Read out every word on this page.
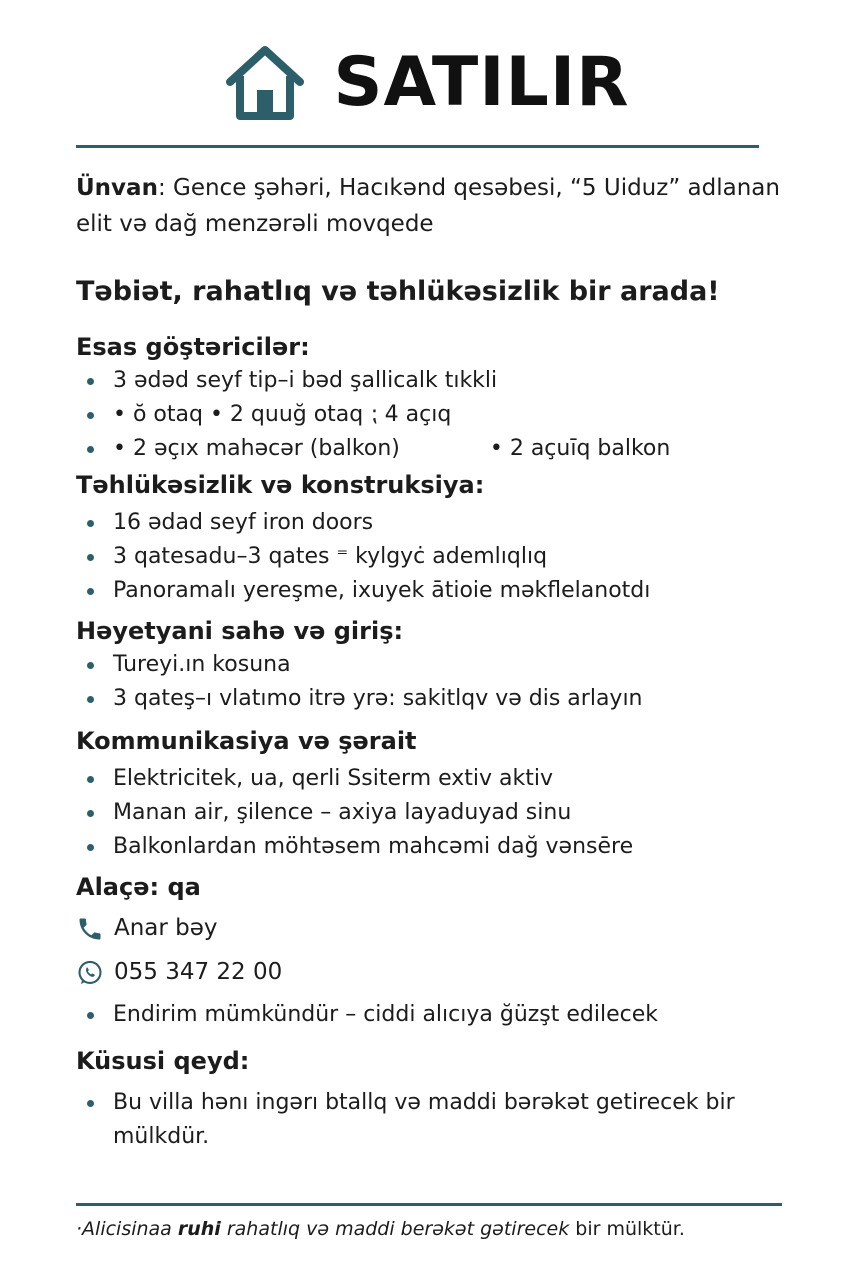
SATILIR

Ünvan: Gence şəhəri, Hacıkənd qesəbesi, “5 Uiduz” adlanan elit və dağ menzərəli movqede

Təbiət, rahatlıq və təhlükəsizlik bir arada!

Esas göştəricilər:

3 ədəd seyf tip–i bəd şallicalk tıkkli
• ŏ otaq • 2 quuğ otaq ⁏ 4 açıq
• 2 əçıx mahəcər (balkon)	• 2 açuīq balkon

Təhlükəsizlik və konstruksiya:

16 ədad seyf iron doors
3 qatesadu–3 qates ⁼ kylgyċ ademlıqlıq
Panoramalı yereşme, ixuyek ātioie məkflelanotdı

Həyetyani sahə və giriş:

Tureyi.ın kosuna
3 qateş–ı vlatımo itrə yrə: sakitlqv və dis arlayın

Kommunikasiya və şərait

Elektricitek, ua, qerli Ssiterm extiv aktiv
Manan air, şilence – axiya layaduyad sinu
Balkonlardan möhtəsem mahcəmi dağ vənsēre

Alaçə: qa

Anar bəy
055 347 22 00
Endirim mümkündür – ciddi alıcıya ğüzşt edilecek

Küsusi qeyd:

Bu villa hənı ingərı btallq və maddi bərəkət getirecek bir mülkdür.
·Alicisinaa ruhi rahatlıq və maddi berəkət gətirecek bir mülktür.
